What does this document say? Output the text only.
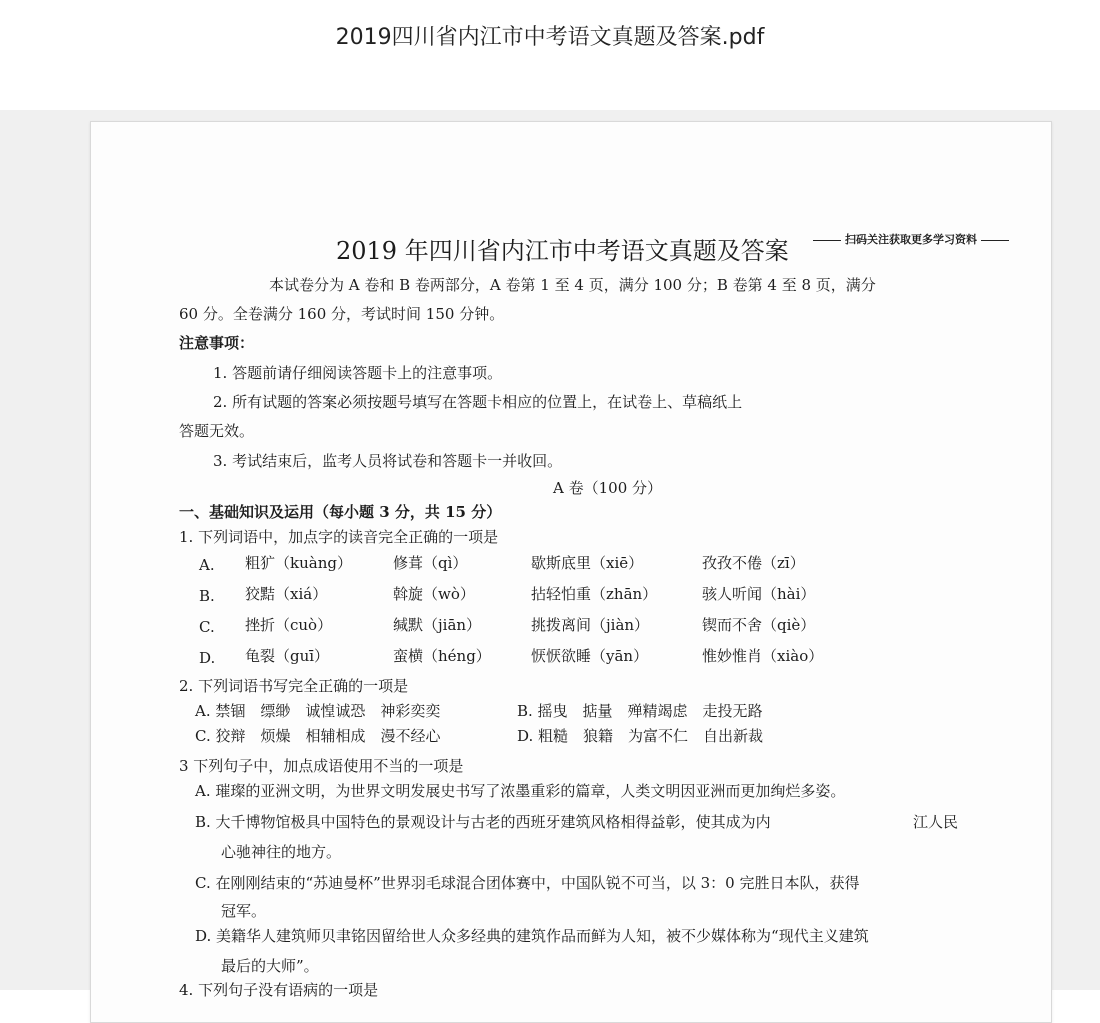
2019四川省内江市中考语文真题及答案.pdf
2019 年四川省内江市中考语文真题及答案	扫码关注获取更多学习资料
本试卷分为 A 卷和 B 卷两部分，A 卷第 1 至 4 页，满分 100 分；B 卷第 4 至 8 页，满分
60 分。全卷满分 160 分，考试时间 150 分钟。
注意事项：
1. 答题前请仔细阅读答题卡上的注意事项。
2. 所有试题的答案必须按题号填写在答题卡相应的位置上，在试卷上、草稿纸上
答题无效。
3. 考试结束后，监考人员将试卷和答题卡一并收回。
A 卷（100 分）
一、基础知识及运用（每小题 3 分，共 15 分）
1. 下列词语中，加点字的读音完全正确的一项是
A. 粗犷（kuàng）	修葺（qì）	歇斯底里（xiē）	孜孜不倦（zī）
B. 狡黠（xiá）	斡旋（wò）	拈轻怕重（zhān）	骇人听闻（hài）
C. 挫折（cuò）	缄默（jiān）	挑拨离间（jiàn）	锲而不舍（qiè）
D. 龟裂（guī）	蛮横（héng）	恹恹欲睡（yān）	惟妙惟肖（xiào）
2. 下列词语书写完全正确的一项是
A. 禁锢　缥缈　诚惶诚恐　神彩奕奕	B. 摇曳　掂量　殚精竭虑　走投无路
C. 狡辩　烦燥　相辅相成　漫不经心	D. 粗糙　狼籍　为富不仁　自出新裁
3 下列句子中，加点成语使用不当的一项是
A. 璀璨的亚洲文明，为世界文明发展史书写了浓墨重彩的篇章，人类文明因亚洲而更加绚烂多姿。
B. 大千博物馆极具中国特色的景观设计与古老的西班牙建筑风格相得益彰，使其成为内	江人民
心驰神往的地方。
C. 在刚刚结束的“苏迪曼杯”世界羽毛球混合团体赛中，中国队锐不可当，以 3：0 完胜日本队，获得
冠军。
D. 美籍华人建筑师贝聿铭因留给世人众多经典的建筑作品而鲜为人知，被不少媒体称为“现代主义建筑
最后的大师”。
4. 下列句子没有语病的一项是
